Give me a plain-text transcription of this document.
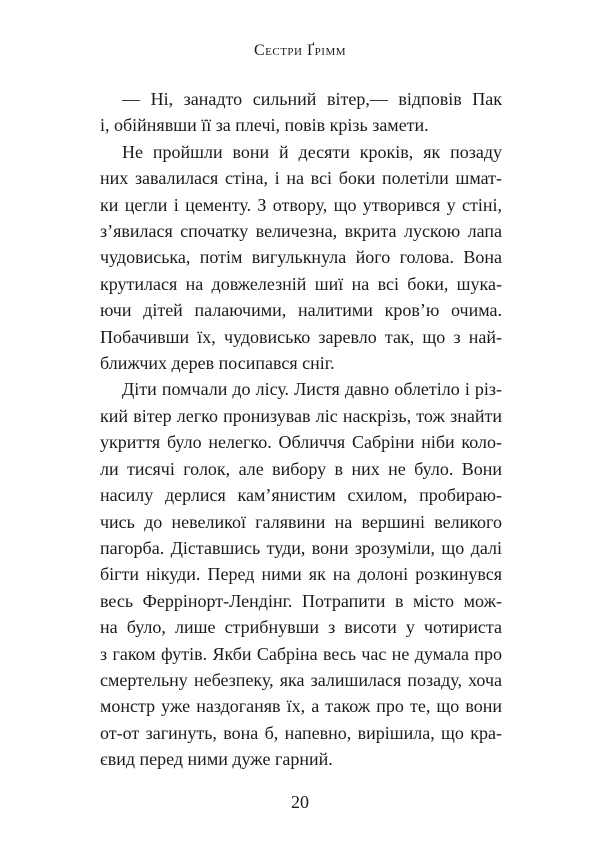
Сестри Ґрімм

— Ні, занадто сильний вітер,— відповів Пак
і, обійнявши її за плечі, повів крізь замети.

Не пройшли вони й десяти кроків, як позаду
них завалилася стіна, і на всі боки полетіли шмат-
ки цегли і цементу. З отвору, що утворився у стіні,
з’явилася спочатку величезна, вкрита лускою лапа
чудовиська, потім вигулькнула його голова. Вона
крутилася на довжелезній шиї на всі боки, шука-
ючи дітей палаючими, налитими кров’ю очима.
Побачивши їх, чудовисько заревло так, що з най-
ближчих дерев посипався сніг.

Діти помчали до лісу. Листя давно облетіло і різ-
кий вітер легко пронизував ліс наскрізь, тож знайти
укриття було нелегко. Обличчя Сабріни ніби коло-
ли тисячі голок, але вибору в них не було. Вони
насилу дерлися кам’янистим схилом, пробираю-
чись до невеликої галявини на вершині великого
пагорба. Діставшись туди, вони зрозуміли, що далі
бігти нікуди. Перед ними як на долоні розкинувся
весь Феррінорт-Лендінг. Потрапити в місто мож-
на було, лише стрибнувши з висоти у чотириста
з гаком футів. Якби Сабріна весь час не думала про
смертельну небезпеку, яка залишилася позаду, хоча
монстр уже наздоганяв їх, а також про те, що вони
от-от загинуть, вона б, напевно, вирішила, що кра-
євид перед ними дуже гарний.

20
